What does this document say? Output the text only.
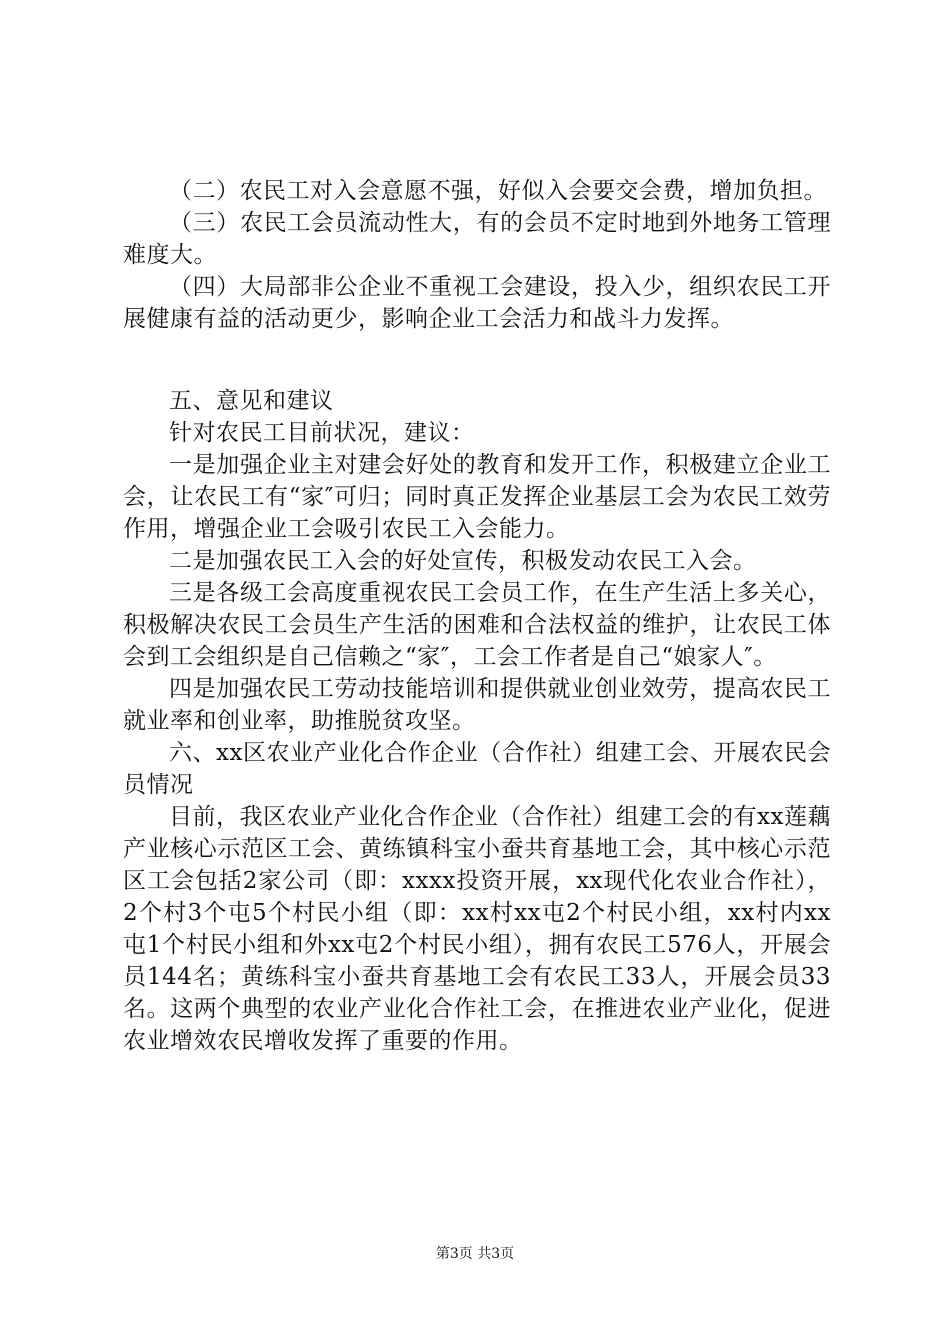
（二）农民工对入会意愿不强，好似入会要交会费，增加负担。

（三）农民工会员流动性大，有的会员不定时地到外地务工管理难度大。

（四）大局部非公企业不重视工会建设，投入少，组织农民工开展健康有益的活动更少，影响企业工会活力和战斗力发挥。

五、意见和建议

针对农民工目前状况，建议：

一是加强企业主对建会好处的教育和发开工作，积极建立企业工会，让农民工有“家″可归；同时真正发挥企业基层工会为农民工效劳作用，增强企业工会吸引农民工入会能力。

二是加强农民工入会的好处宣传，积极发动农民工入会。

三是各级工会高度重视农民工会员工作，在生产生活上多关心，积极解决农民工会员生产生活的困难和合法权益的维护，让农民工体会到工会组织是自己信赖之“家″，工会工作者是自己“娘家人″。

四是加强农民工劳动技能培训和提供就业创业效劳，提高农民工就业率和创业率，助推脱贫攻坚。

六、xx区农业产业化合作企业（合作社）组建工会、开展农民会员情况

目前，我区农业产业化合作企业（合作社）组建工会的有xx莲藕产业核心示范区工会、黄练镇科宝小蚕共育基地工会，其中核心示范区工会包括2家公司（即：xxxx投资开展，xx现代化农业合作社），2个村3个屯5个村民小组（即：xx村xx屯2个村民小组，xx村内xx屯1个村民小组和外xx屯2个村民小组），拥有农民工576人，开展会员144名；黄练科宝小蚕共育基地工会有农民工33人，开展会员33名。这两个典型的农业产业化合作社工会，在推进农业产业化，促进农业增效农民增收发挥了重要的作用。

第3页 共3页
